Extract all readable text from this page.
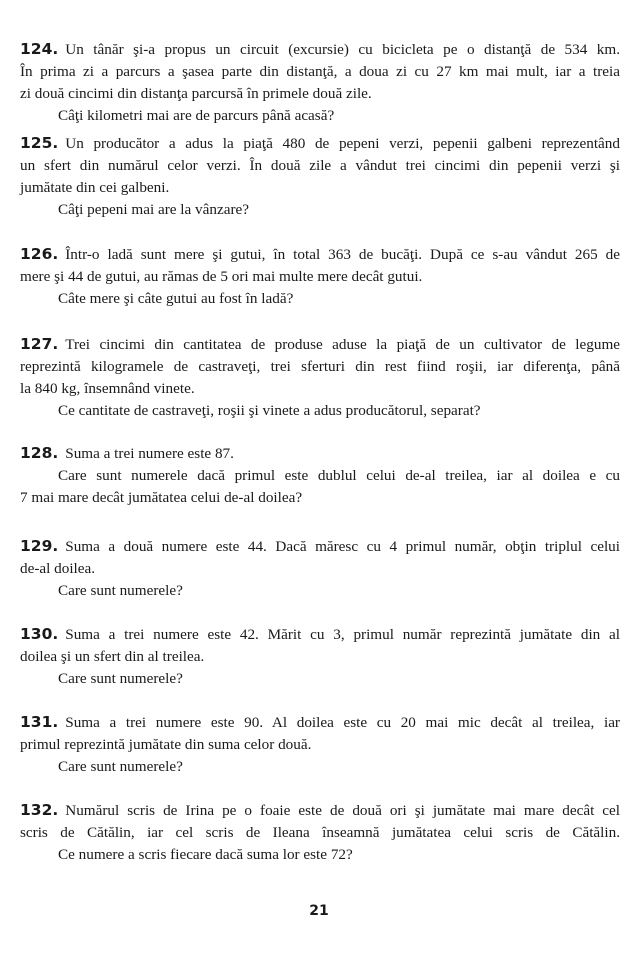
124. Un tânăr şi-a propus un circuit (excursie) cu bicicleta pe o distanţă de 534 km.
În prima zi a parcurs a şasea parte din distanţă, a doua zi cu 27 km mai mult, iar a treia
zi două cincimi din distanţa parcursă în primele două zile.
Câţi kilometri mai are de parcurs până acasă?
125. Un producător a adus la piaţă 480 de pepeni verzi, pepenii galbeni reprezentând
un sfert din numărul celor verzi. În două zile a vândut trei cincimi din pepenii verzi şi
jumătate din cei galbeni.
Câţi pepeni mai are la vânzare?
126. Într-o ladă sunt mere şi gutui, în total 363 de bucăţi. După ce s-au vândut 265 de
mere şi 44 de gutui, au rămas de 5 ori mai multe mere decât gutui.
Câte mere şi câte gutui au fost în ladă?
127. Trei cincimi din cantitatea de produse aduse la piaţă de un cultivator de legume
reprezintă kilogramele de castraveţi, trei sferturi din rest fiind roşii, iar diferenţa, până
la 840 kg, însemnând vinete.
Ce cantitate de castraveţi, roşii şi vinete a adus producătorul, separat?
128. Suma a trei numere este 87.
Care sunt numerele dacă primul este dublul celui de-al treilea, iar al doilea e cu
7 mai mare decât jumătatea celui de-al doilea?
129. Suma a două numere este 44. Dacă măresc cu 4 primul număr, obţin triplul celui
de-al doilea.
Care sunt numerele?
130. Suma a trei numere este 42. Mărit cu 3, primul număr reprezintă jumătate din al
doilea şi un sfert din al treilea.
Care sunt numerele?
131. Suma a trei numere este 90. Al doilea este cu 20 mai mic decât al treilea, iar
primul reprezintă jumătate din suma celor două.
Care sunt numerele?
132. Numărul scris de Irina pe o foaie este de două ori şi jumătate mai mare decât cel
scris de Cătălin, iar cel scris de Ileana înseamnă jumătatea celui scris de Cătălin.
Ce numere a scris fiecare dacă suma lor este 72?
21
